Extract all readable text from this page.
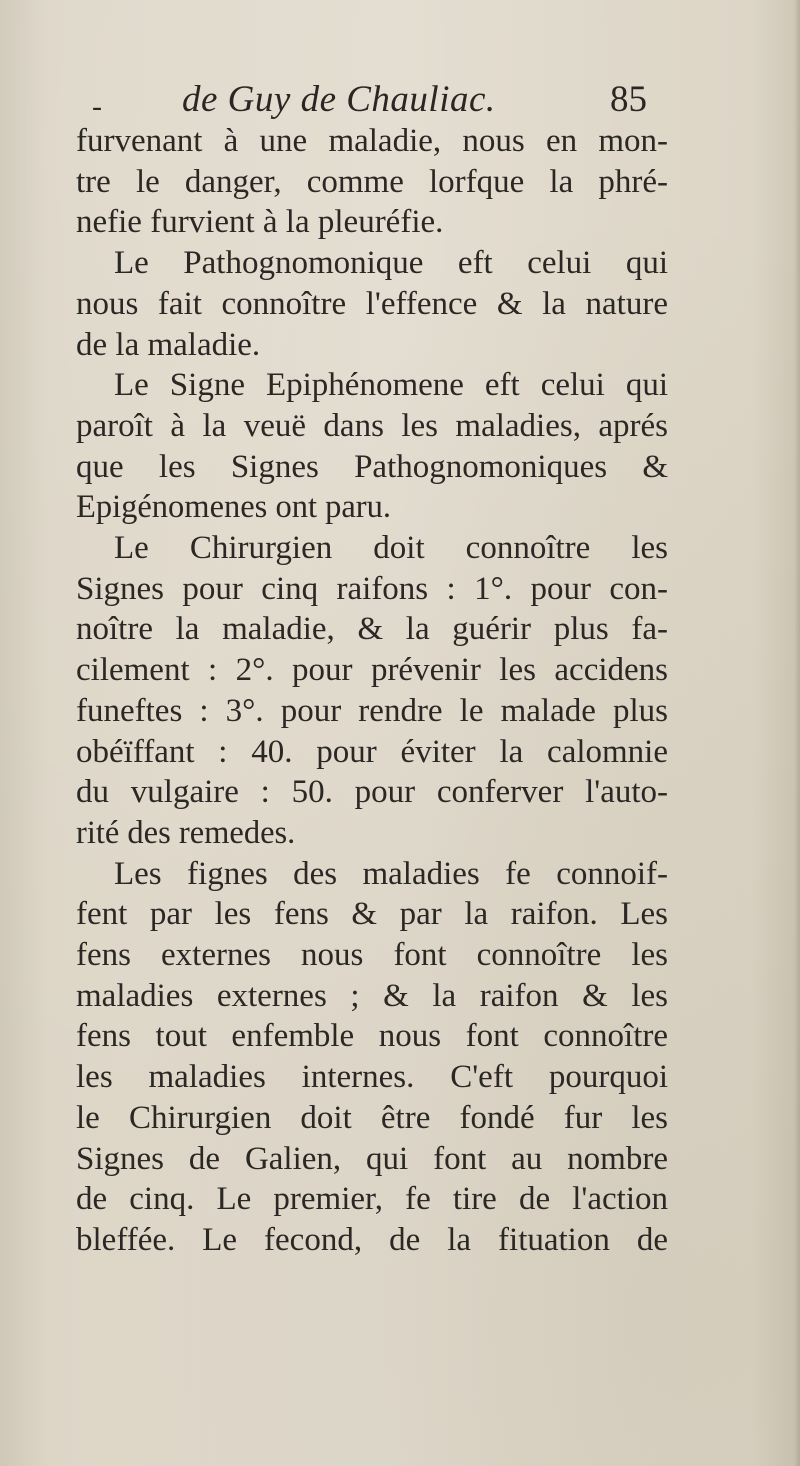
- de Guy de Chauliac.	85
furvenant à une maladie, nous en mon-
tre le danger, comme lorfque la phré-
nefie furvient à la pleuréfie.
Le Pathognomonique eft celui qui
nous fait connoître l'effence & la nature
de la maladie.
Le Signe Epiphénomene eft celui qui
paroît à la veuë dans les maladies, aprés
que les Signes Pathognomoniques &
Epigénomenes ont paru.
Le Chirurgien doit connoître les
Signes pour cinq raifons : 1°. pour con-
noître la maladie, & la guérir plus fa-
cilement : 2°. pour prévenir les accidens
funeftes : 3°. pour rendre le malade plus
obéïffant : 40. pour éviter la calomnie
du vulgaire : 50. pour conferver l'auto-
rité des remedes.
Les fignes des maladies fe connoif-
fent par les fens & par la raifon. Les
fens externes nous font connoître les
maladies externes ; & la raifon & les
fens tout enfemble nous font connoître
les maladies internes. C'eft pourquoi
le Chirurgien doit être fondé fur les
Signes de Galien, qui font au nombre
de cinq. Le premier, fe tire de l'action
bleffée. Le fecond, de la fituation de
